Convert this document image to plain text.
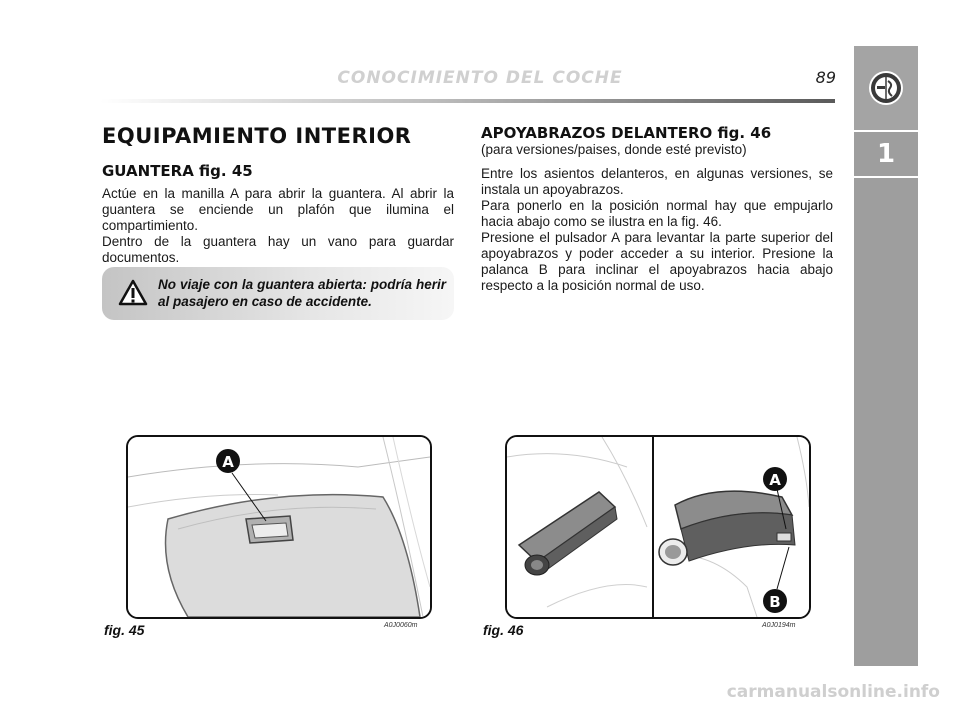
CONOCIMIENTO DEL COCHE	89
1
EQUIPAMIENTO INTERIOR
GUANTERA fig. 45

Actúe en la manilla A para abrir la guantera. Al abrir la guantera se enciende un plafón que ilumina el compartimiento.

Dentro de la guantera hay un vano para guardar documentos.

No viaje con la guantera abierta: podría herir al pasajero en caso de accidente.
APOYABRAZOS DELANTERO fig. 46

(para versiones/paises, donde esté previsto)

Entre los asientos delanteros, en algunas versiones, se instala un apoyabrazos.

Para ponerlo en la posición normal hay que empujarlo hacia abajo como se ilustra en la fig. 46.

Presione el pulsador A para levantar la parte superior del apoyabrazos y poder acceder a su interior. Presione la palanca B para inclinar el apoyabrazos hacia abajo respecto a la posición normal de uso.

A
fig. 45	A0J0060m
A
B
fig. 46	A0J0194m
carmanualsonline.info
